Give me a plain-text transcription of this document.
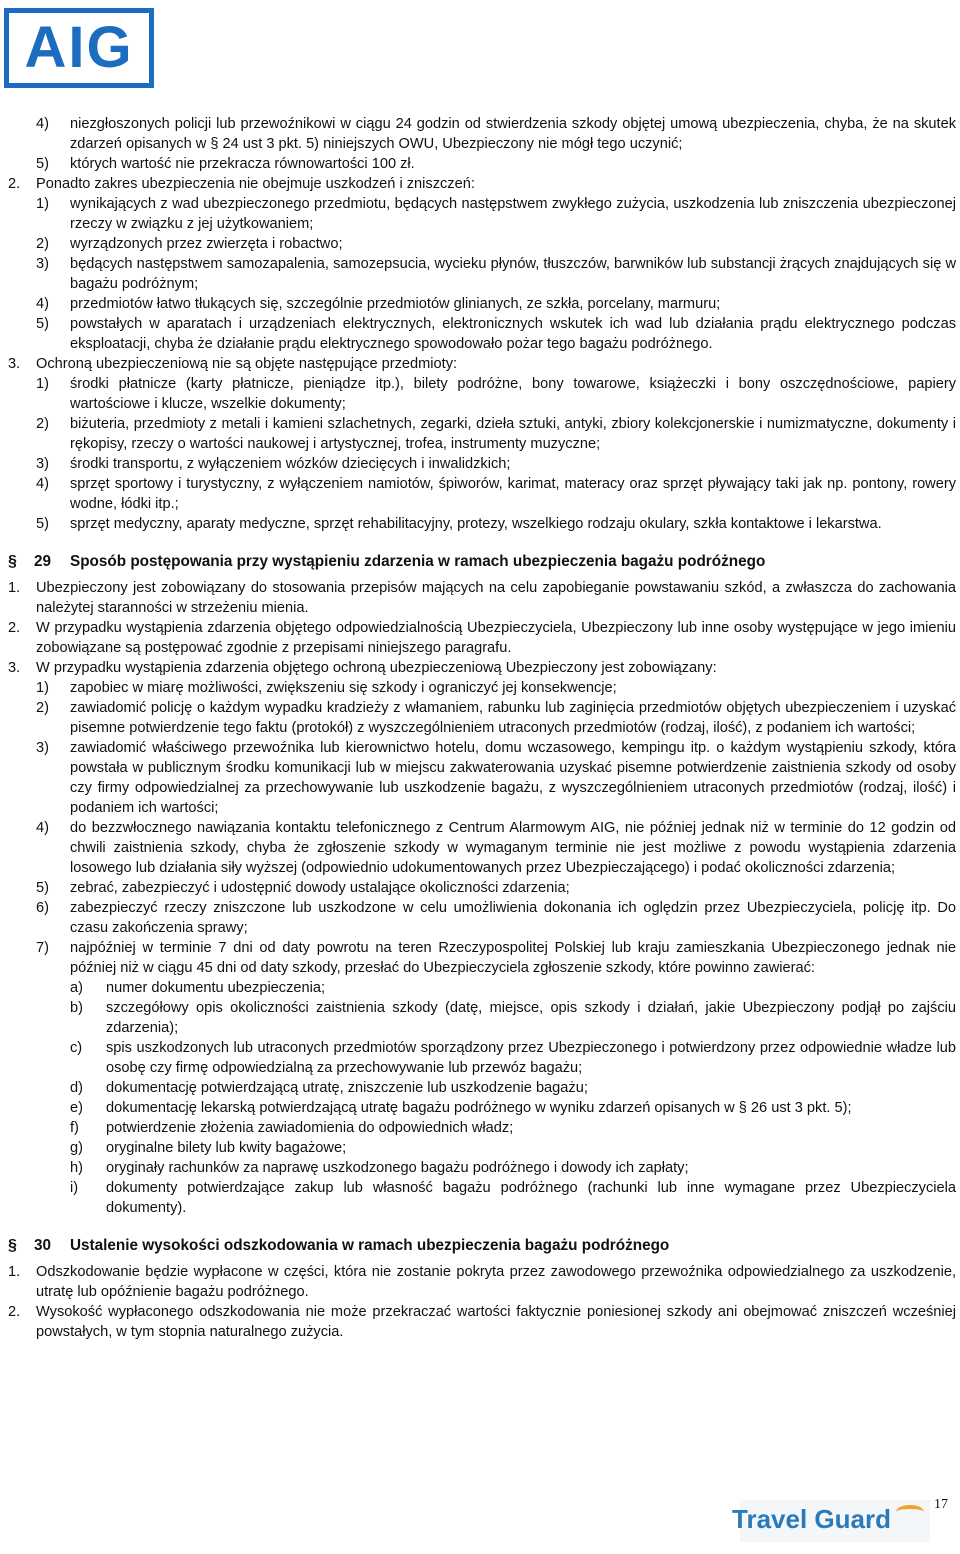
AIG
4)	niezgłoszonych policji lub przewoźnikowi w ciągu 24 godzin od stwierdzenia szkody objętej umową ubezpieczenia, chyba, że na skutek zdarzeń opisanych w § 24 ust 3 pkt. 5) niniejszych OWU, Ubezpieczony nie mógł tego uczynić;
5)	których wartość nie przekracza równowartości 100 zł.
2.	Ponadto zakres ubezpieczenia nie obejmuje uszkodzeń i zniszczeń:
1)	wynikających z wad ubezpieczonego przedmiotu, będących następstwem zwykłego zużycia, uszkodzenia lub zniszczenia ubezpieczonej rzeczy w związku z jej użytkowaniem;
2)	wyrządzonych przez zwierzęta i robactwo;
3)	będących następstwem samozapalenia, samozepsucia, wycieku płynów, tłuszczów, barwników lub substancji żrących znajdujących się w bagażu podróżnym;
4)	przedmiotów łatwo tłukących się, szczególnie przedmiotów glinianych, ze szkła, porcelany, marmuru;
5)	powstałych w aparatach i urządzeniach elektrycznych, elektronicznych wskutek ich wad lub działania prądu elektrycznego podczas eksploatacji, chyba że działanie prądu elektrycznego spowodowało pożar tego bagażu podróżnego.
3.	Ochroną ubezpieczeniową nie są objęte następujące przedmioty:
1)	środki płatnicze (karty płatnicze, pieniądze itp.), bilety podróżne, bony towarowe, książeczki i bony oszczędnościowe, papiery wartościowe i klucze, wszelkie dokumenty;
2)	biżuteria, przedmioty z metali i kamieni szlachetnych, zegarki, dzieła sztuki, antyki, zbiory kolekcjonerskie i numizmatyczne, dokumenty i rękopisy, rzeczy o wartości naukowej i artystycznej, trofea, instrumenty muzyczne;
3)	środki transportu, z wyłączeniem wózków dziecięcych i inwalidzkich;
4)	sprzęt sportowy i turystyczny, z wyłączeniem namiotów, śpiworów, karimat, materacy oraz sprzęt pływający taki jak np. pontony, rowery wodne, łódki itp.;
5)	sprzęt medyczny, aparaty medyczne, sprzęt rehabilitacyjny, protezy, wszelkiego rodzaju okulary, szkła kontaktowe i lekarstwa.
§	29	Sposób postępowania przy wystąpieniu zdarzenia w ramach ubezpieczenia bagażu podróżnego
1.	Ubezpieczony jest zobowiązany do stosowania przepisów mających na celu zapobieganie powstawaniu szkód, a zwłaszcza do zachowania należytej staranności w strzeżeniu mienia.
2.	W przypadku wystąpienia zdarzenia objętego odpowiedzialnością Ubezpieczyciela, Ubezpieczony lub inne osoby występujące w jego imieniu zobowiązane są postępować zgodnie z przepisami niniejszego paragrafu.
3.	W przypadku wystąpienia zdarzenia objętego ochroną ubezpieczeniową Ubezpieczony jest zobowiązany:
1)	zapobiec w miarę możliwości, zwiększeniu się szkody i ograniczyć jej konsekwencje;
2)	zawiadomić policję o każdym wypadku kradzieży z włamaniem, rabunku lub zaginięcia przedmiotów objętych ubezpieczeniem i uzyskać pisemne potwierdzenie tego faktu (protokół) z wyszczególnieniem utraconych przedmiotów (rodzaj, ilość), z podaniem ich wartości;
3)	zawiadomić właściwego przewoźnika lub kierownictwo hotelu, domu wczasowego, kempingu itp. o każdym wystąpieniu szkody, która powstała w publicznym środku komunikacji lub w miejscu zakwaterowania uzyskać pisemne potwierdzenie zaistnienia szkody od osoby czy firmy odpowiedzialnej za przechowywanie lub uszkodzenie bagażu, z wyszczególnieniem utraconych przedmiotów (rodzaj, ilość) i podaniem ich wartości;
4)	do bezzwłocznego nawiązania kontaktu telefonicznego z Centrum Alarmowym AIG, nie później jednak niż w terminie do 12 godzin od chwili zaistnienia szkody, chyba że zgłoszenie szkody w wymaganym terminie nie jest możliwe z powodu wystąpienia zdarzenia losowego lub działania siły wyższej (odpowiednio udokumentowanych przez Ubezpieczającego) i podać okoliczności zdarzenia;
5)	zebrać, zabezpieczyć i udostępnić dowody ustalające okoliczności zdarzenia;
6)	zabezpieczyć rzeczy zniszczone lub uszkodzone w celu umożliwienia dokonania ich oględzin przez Ubezpieczyciela, policję itp. Do czasu zakończenia sprawy;
7)	najpóźniej w terminie 7 dni od daty powrotu na teren Rzeczypospolitej Polskiej lub kraju zamieszkania Ubezpieczonego jednak nie później niż w ciągu 45 dni od daty szkody, przesłać do Ubezpieczyciela zgłoszenie szkody, które powinno zawierać:
a)	numer dokumentu ubezpieczenia;
b)	szczegółowy opis okoliczności zaistnienia szkody (datę, miejsce, opis szkody i działań, jakie Ubezpieczony podjął po zajściu zdarzenia);
c)	spis uszkodzonych lub utraconych przedmiotów sporządzony przez Ubezpieczonego i potwierdzony przez odpowiednie władze lub osobę czy firmę odpowiedzialną za przechowywanie lub przewóz bagażu;
d)	dokumentację potwierdzającą utratę, zniszczenie lub uszkodzenie bagażu;
e)	dokumentację lekarską potwierdzającą utratę bagażu podróżnego w wyniku zdarzeń opisanych w § 26 ust 3 pkt. 5);
f)	potwierdzenie złożenia zawiadomienia do odpowiednich władz;
g)	oryginalne bilety lub kwity bagażowe;
h)	oryginały rachunków za naprawę uszkodzonego bagażu podróżnego i dowody ich zapłaty;
i)	dokumenty potwierdzające zakup lub własność bagażu podróżnego (rachunki lub inne wymagane przez Ubezpieczyciela dokumenty).
§	30	Ustalenie wysokości odszkodowania w ramach ubezpieczenia bagażu podróżnego
1.	Odszkodowanie będzie wypłacone w części, która nie zostanie pokryta przez zawodowego przewoźnika odpowiedzialnego za uszkodzenie, utratę lub opóźnienie bagażu podróżnego.
2.	Wysokość wypłaconego odszkodowania nie może przekraczać wartości faktycznie poniesionej szkody ani obejmować zniszczeń wcześniej powstałych, w tym stopnia naturalnego zużycia.
17
Travel Guard
